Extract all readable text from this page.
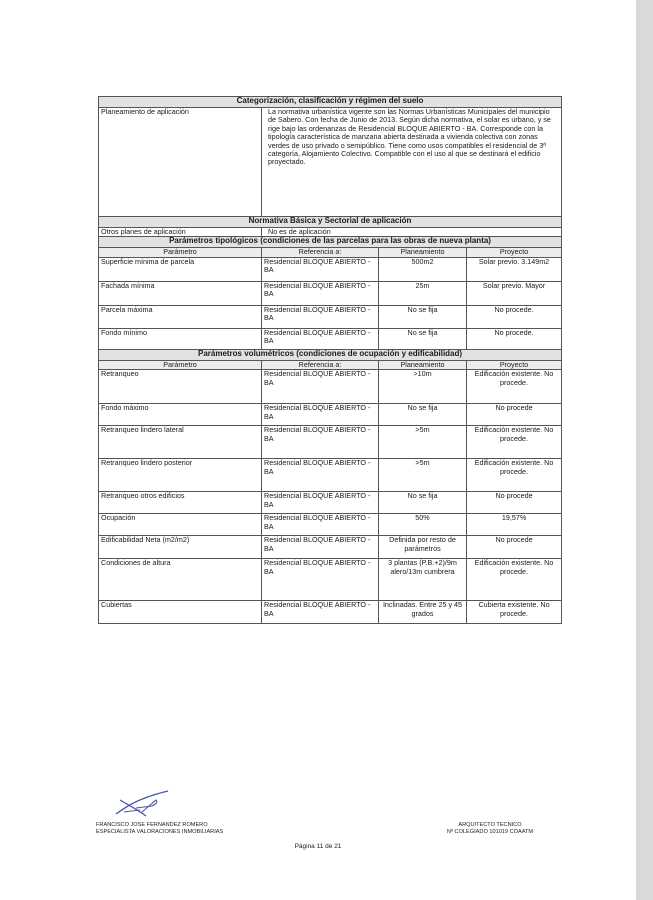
Categorización, clasificación y régimen del suelo			
Planeamiento de aplicación	La normativa urbanística vigente son las Normas Urbanísticas Municipales del municipio de Sabero. Con fecha de Junio de 2013. Según dicha normativa, el solar es urbano, y se rige bajo las ordenanzas de Residencial BLOQUE ABIERTO - BA. Corresponde con la tipología característica de manzana abierta destinada a vivienda colectiva con zonas verdes de uso privado o semipúblico. Tiene como usos compatibles el residencial de 3ª categoría, Alojamiento Colectivo. Compatible con el uso al que se destinará el edificio proyectado.		
Normativa Básica y Sectorial de aplicación			
Otros planes de aplicación	No es de aplicación		
Parámetros tipológicos (condiciones de las parcelas para las obras de nueva planta)			
Parámetro	Referencia a:	Planeamiento	Proyecto
Superficie mínima de parcela	Residencial BLOQUE ABIERTO - BA	500m2	Solar previo. 3.149m2
Fachada mínima	Residencial BLOQUE ABIERTO - BA	25m	Solar previo. Mayor
Parcela máxima	Residencial BLOQUE ABIERTO - BA	No se fija	No procede.
Fondo mínimo	Residencial BLOQUE ABIERTO - BA	No se fija	No procede.
Parámetros volumétricos (condiciones de ocupación y edificabilidad)			
Parámetro	Referencia a:	Planeamiento	Proyecto
Retranqueo	Residencial BLOQUE ABIERTO - BA	>10m	Edificación existente. No procede.
Fondo máximo	Residencial BLOQUE ABIERTO - BA	No se fija	No procede
Retranqueo lindero lateral	Residencial BLOQUE ABIERTO - BA	>5m	Edificación existente. No procede.
Retranqueo lindero posterior	Residencial BLOQUE ABIERTO - BA	>5m	Edificación existente. No procede.
Retranqueo otros edificios	Residencial BLOQUE ABIERTO - BA	No se fija	No procede
Ocupación	Residencial BLOQUE ABIERTO - BA	50%	19,57%
Edificabilidad Neta (m2/m2)	Residencial BLOQUE ABIERTO - BA	Definida por resto de parámetros	No procede
Condiciones de altura	Residencial BLOQUE ABIERTO - BA	3 plantas (P.B.+2)/9m alero/13m cumbrera	Edificación existente. No procede.
Cubiertas	Residencial BLOQUE ABIERTO - BA	Inclinadas. Entre 25 y 45 grados	Cubierta existente. No procede.
FRANCISCO JOSE FERNANDEZ ROMERO
ESPECIALISTA VALORACIONES INMOBILIARIAS
ARQUITECTO TECNICO
Nº COLEGIADO 101019 COAATM
Página 11 de 21
